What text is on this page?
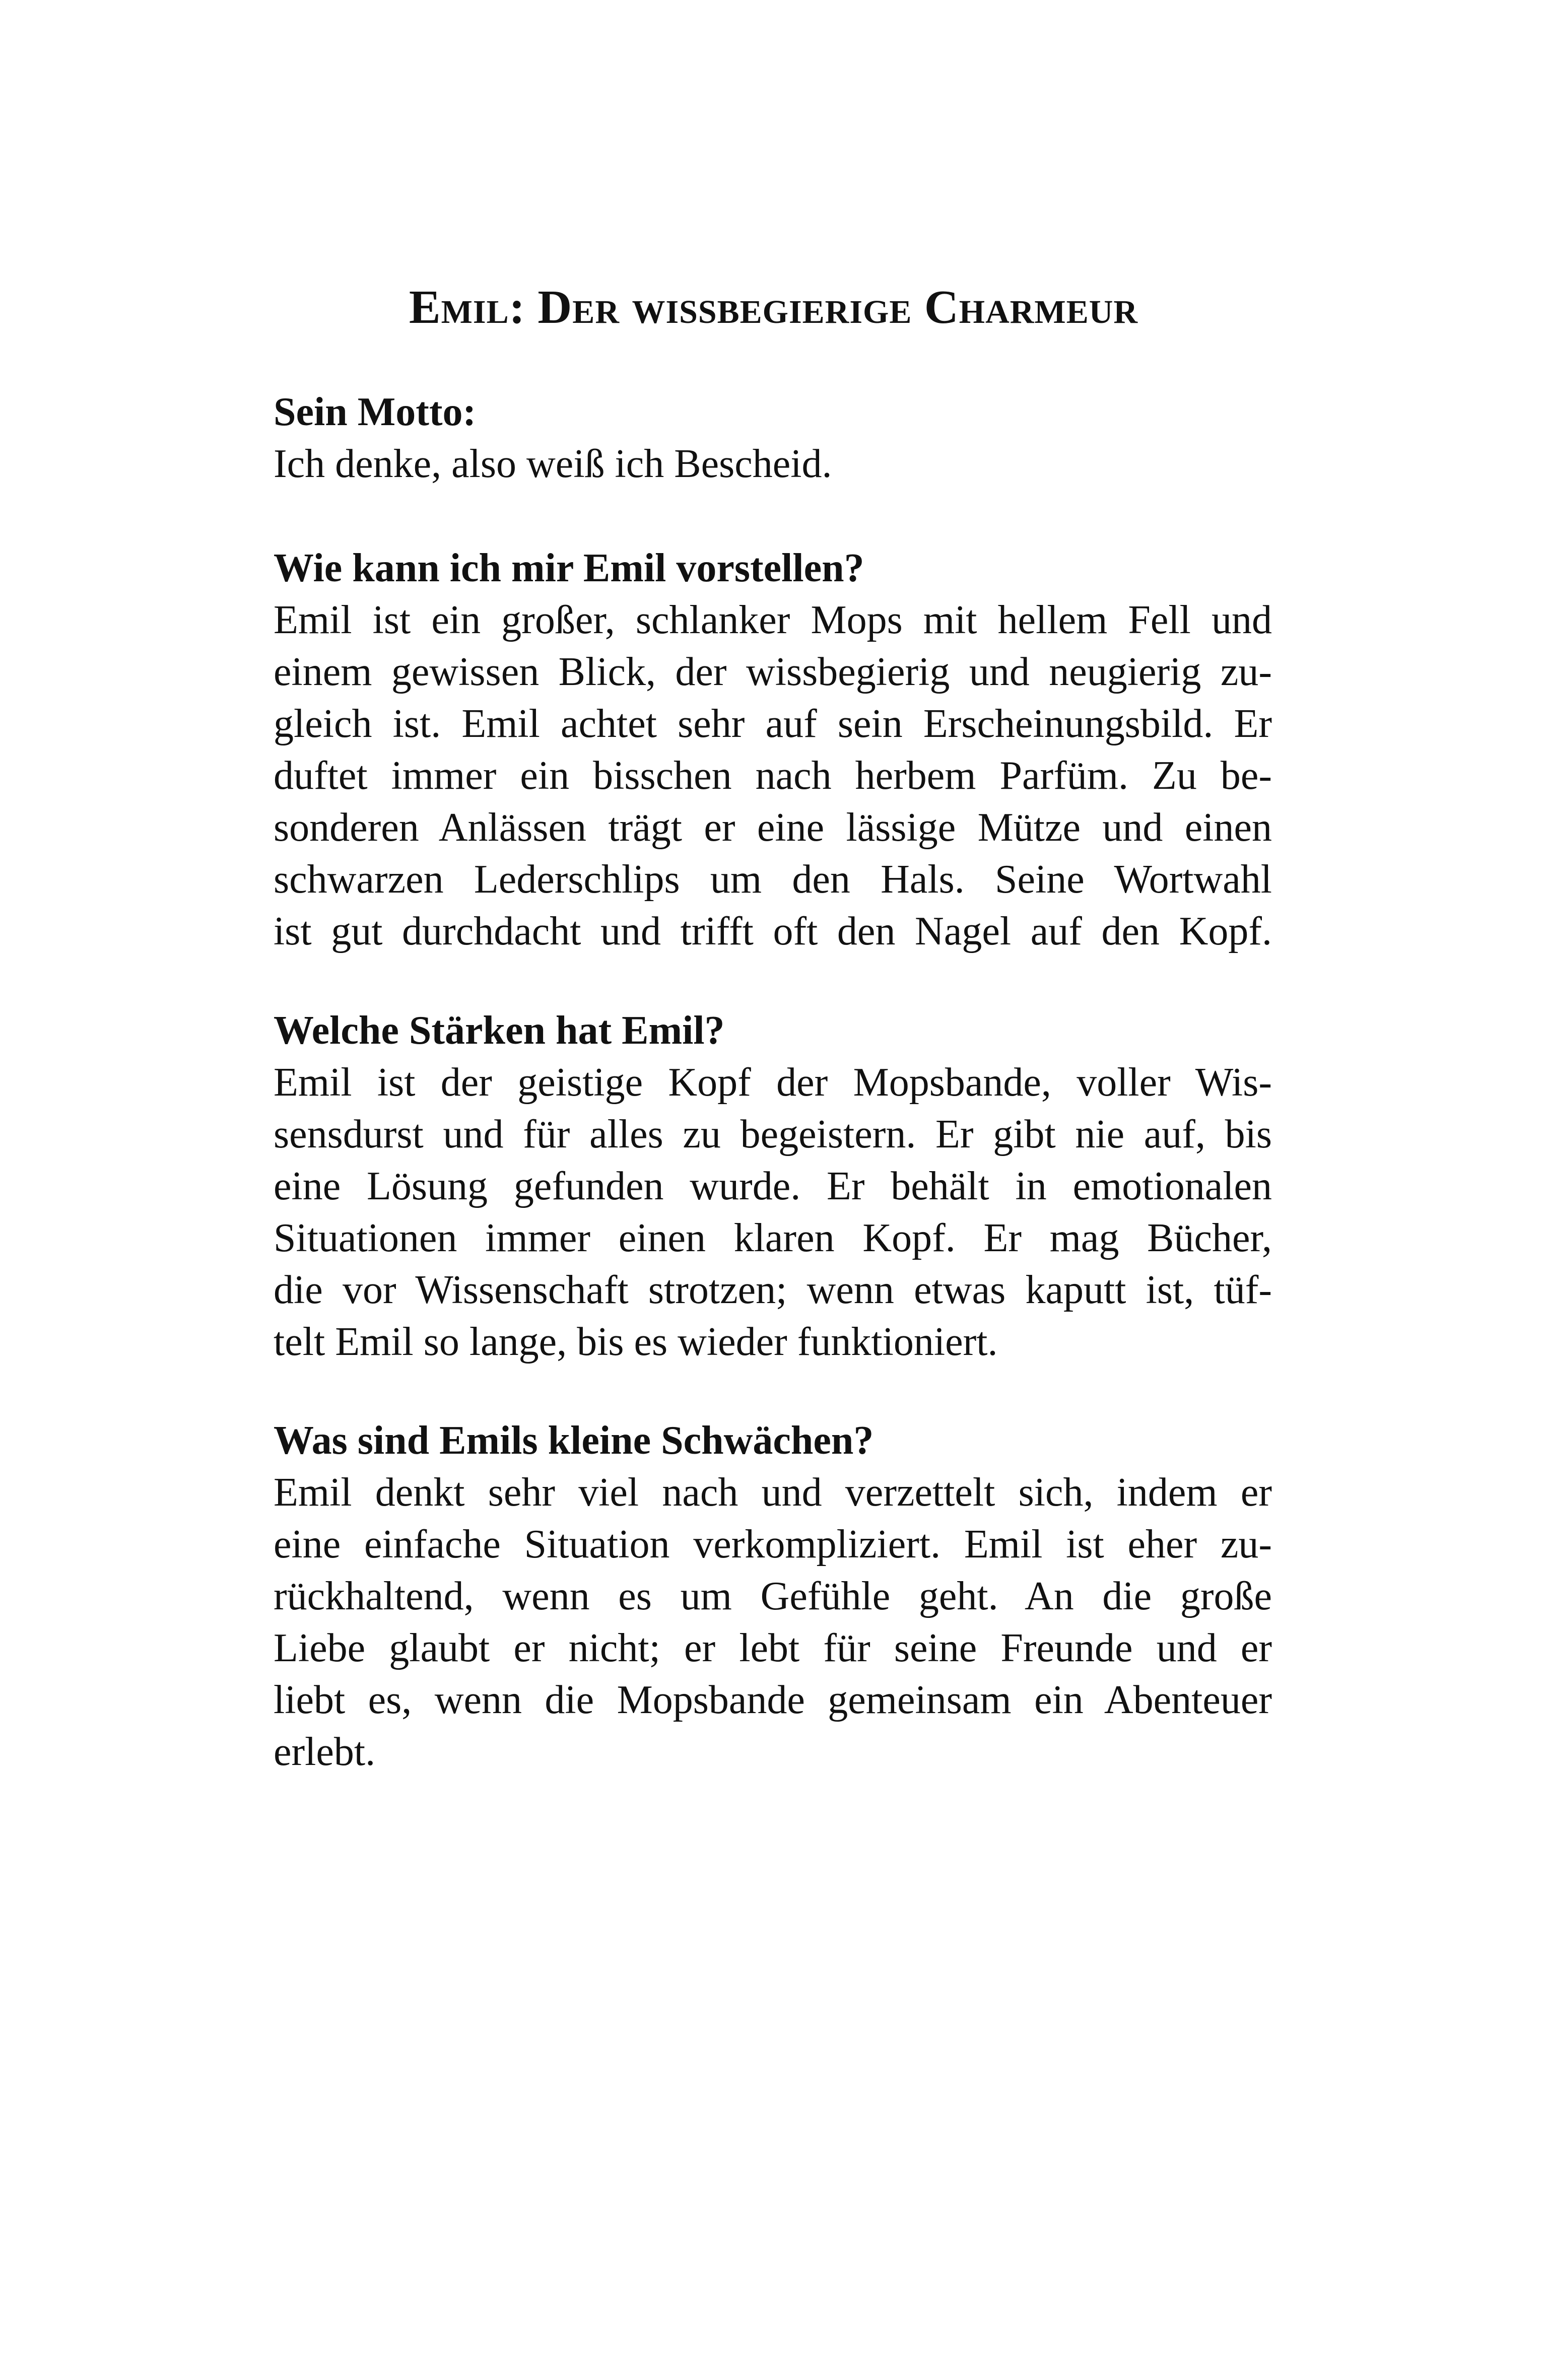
Emil: Der wissbegierige Charmeur
Sein Motto:
Ich denke, also weiß ich Bescheid.
Wie kann ich mir Emil vorstellen?
Emil ist ein großer, schlanker Mops mit hellem Fell und
einem gewissen Blick, der wissbegierig und neugierig zu-
gleich ist. Emil achtet sehr auf sein Erscheinungsbild. Er
duftet immer ein bisschen nach herbem Parfüm. Zu be-
sonderen Anlässen trägt er eine lässige Mütze und einen
schwarzen Lederschlips um den Hals. Seine Wortwahl
ist gut durchdacht und trifft oft den Nagel auf den Kopf.
Welche Stärken hat Emil?
Emil ist der geistige Kopf der Mopsbande, voller Wis-
sensdurst und für alles zu begeistern. Er gibt nie auf, bis
eine Lösung gefunden wurde. Er behält in emotionalen
Situationen immer einen klaren Kopf. Er mag Bücher,
die vor Wissenschaft strotzen; wenn etwas kaputt ist, tüf-
telt Emil so lange, bis es wieder funktioniert.
Was sind Emils kleine Schwächen?
Emil denkt sehr viel nach und verzettelt sich, indem er
eine einfache Situation verkompliziert. Emil ist eher zu-
rückhaltend, wenn es um Gefühle geht. An die große
Liebe glaubt er nicht; er lebt für seine Freunde und er
liebt es, wenn die Mopsbande gemeinsam ein Abenteuer
erlebt.
